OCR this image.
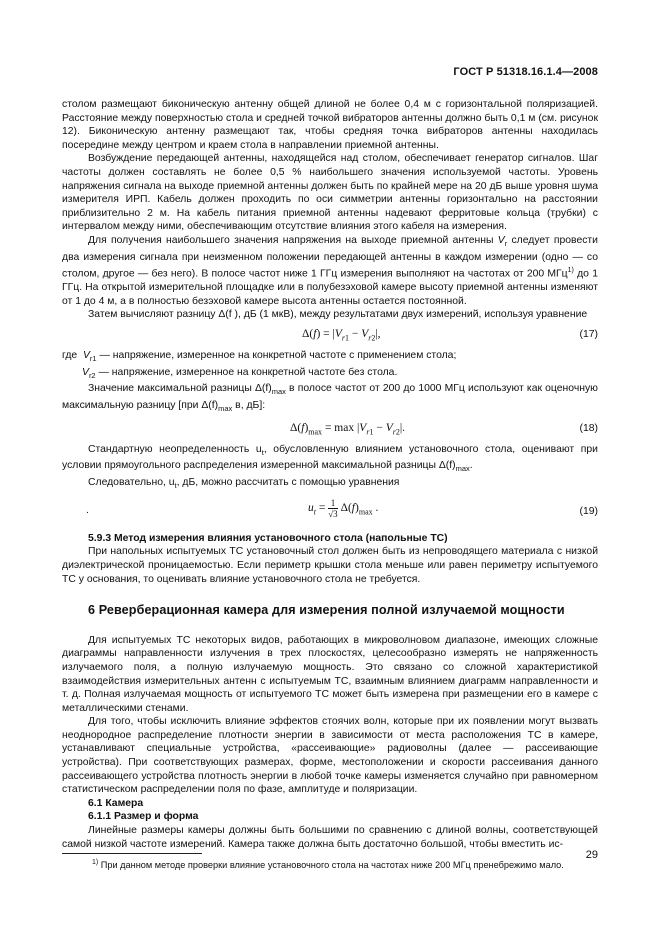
ГОСТ Р 51318.16.1.4—2008

столом размещают биконическую антенну общей длиной не более 0,4 м с горизонтальной поляризацией. Расстояние между поверхностью стола и средней точкой вибраторов антенны должно быть 0,1 м (см. рисунок 12). Биконическую антенну размещают так, чтобы средняя точка вибраторов антенны находилась посередине между центром и краем стола в направлении приемной антенны.

Возбуждение передающей антенны, находящейся над столом, обеспечивает генератор сигналов. Шаг частоты должен составлять не более 0,5 % наибольшего значения используемой частоты. Уровень напряжения сигнала на выходе приемной антенны должен быть по крайней мере на 20 дБ выше уровня шума измерителя ИРП. Кабель должен проходить по оси симметрии антенны горизонтально на расстоянии приблизительно 2 м. На кабель питания приемной антенны надевают ферритовые кольца (трубки) с интервалом между ними, обеспечивающим отсутствие влияния этого кабеля на измерения.

Для получения наибольшего значения напряжения на выходе приемной антенны $V_r$ следует провести два измерения сигнала при неизменном положении передающей антенны в каждом измерении (одно — со столом, другое — без него). В полосе частот ниже 1 ГГц измерения выполняют на частотах от 200 МГц$^{1)}$ до 1 ГГц. На открытой измерительной площадке или в полубезэховой камере высоту приемной антенны изменяют от 1 до 4 м, а в полностью безэховой камере высота антенны остается постоянной.

Затем вычисляют разницу Δ(f ), дБ (1 мкВ), между результатами двух измерений, используя уравнение

$\Delta(f) = |V_{r1} - V_{r2}|$,	(17)

где $V_{r1}$ — напряжение, измеренное на конкретной частоте с применением стола;

$V_{r2}$ — напряжение, измеренное на конкретной частоте без стола.

Значение максимальной разницы $\Delta(f)_{max}$ в полосе частот от 200 до 1000 МГц используют как оценочную максимальную разницу [при $\Delta(f)_{max}$ в, дБ]:

$\Delta(f)_{max} = \max |V_{r1} - V_{r2}|$.	(18)

Стандартную неопределенность $u_t$, обусловленную влиянием установочного стола, оценивают при условии прямоугольного распределения измеренной максимальной разницы $\Delta(f)_{max}$.

Следовательно, $u_t$, дБ, можно рассчитать с помощью уравнения

.	$u_t = \frac{1}{√3} \Delta(f)_{max}$ .	(19)

5.9.3 Метод измерения влияния установочного стола (напольные ТС)

При напольных испытуемых ТС установочный стол должен быть из непроводящего материала с низкой диэлектрической проницаемостью. Если периметр крышки стола меньше или равен периметру испытуемого ТС у основания, то оценивать влияние установочного стола не требуется.

6 Реверберационная камера для измерения полной излучаемой мощности

Для испытуемых ТС некоторых видов, работающих в микроволновом диапазоне, имеющих сложные диаграммы направленности излучения в трех плоскостях, целесообразно измерять не напряженность излучаемого поля, а полную излучаемую мощность. Это связано со сложной характеристикой взаимодействия измерительных антенн с испытуемым ТС, взаимным влиянием диаграмм направленности и т. д. Полная излучаемая мощность от испытуемого ТС может быть измерена при размещении его в камере с металлическими стенами.

Для того, чтобы исключить влияние эффектов стоячих волн, которые при их появлении могут вызвать неоднородное распределение плотности энергии в зависимости от места расположения ТС в камере, устанавливают специальные устройства, «рассеивающие» радиоволны (далее — рассеивающие устройства). При соответствующих размерах, форме, местоположении и скорости рассеивания данного рассеивающего устройства плотность энергии в любой точке камеры изменяется случайно при равномерном статистическом распределении поля по фазе, амплитуде и поляризации.

6.1 Камера

6.1.1 Размер и форма

Линейные размеры камеры должны быть большими по сравнению с длиной волны, соответствующей самой низкой частоте измерений. Камера также должна быть достаточно большой, чтобы вместить ис-

$^{1)}$ При данном методе проверки влияние установочного стола на частотах ниже 200 МГц пренебрежимо мало.

29
